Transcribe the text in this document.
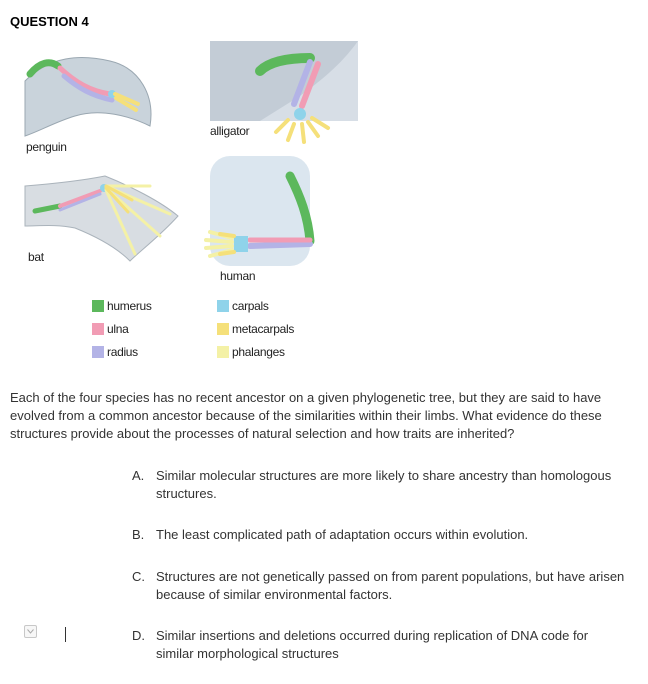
QUESTION 4
alligator
penguin
bat
human
humerus
ulna
radius
carpals
metacarpals
phalanges
Each of the four species has no recent ancestor on a given phylogenetic tree, but they are said to have evolved from a common ancestor because of the similarities within their limbs. What evidence do these structures provide about the processes of natural selection and how traits are inherited?
A. Similar molecular structures are more likely to share ancestry than homologous structures.
B. The least complicated path of adaptation occurs within evolution.
C. Structures are not genetically passed on from parent populations, but have arisen because of similar environmental factors.
D. Similar insertions and deletions occurred during replication of DNA code for similar morphological structures
